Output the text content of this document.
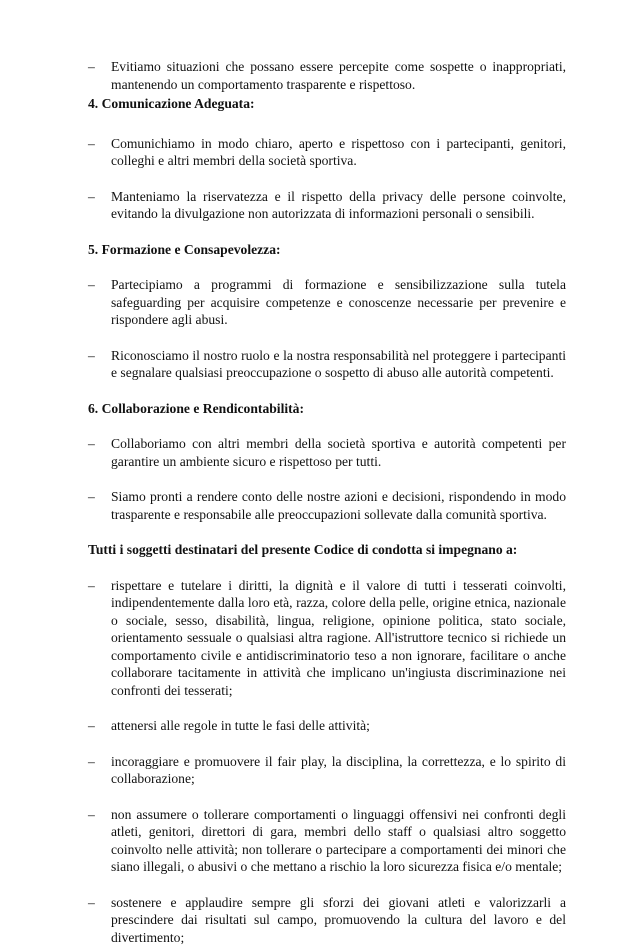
– Evitiamo situazioni che possano essere percepite come sospette o inappropriati, mantenendo un comportamento trasparente e rispettoso.
4. Comunicazione Adeguata:
– Comunichiamo in modo chiaro, aperto e rispettoso con i partecipanti, genitori, colleghi e altri membri della società sportiva.
– Manteniamo la riservatezza e il rispetto della privacy delle persone coinvolte, evitando la divulgazione non autorizzata di informazioni personali o sensibili.
5. Formazione e Consapevolezza:
– Partecipiamo a programmi di formazione e sensibilizzazione sulla tutela safeguarding per acquisire competenze e conoscenze necessarie per prevenire e rispondere agli abusi.
– Riconosciamo il nostro ruolo e la nostra responsabilità nel proteggere i partecipanti e segnalare qualsiasi preoccupazione o sospetto di abuso alle autorità competenti.
6. Collaborazione e Rendicontabilità:
– Collaboriamo con altri membri della società sportiva e autorità competenti per garantire un ambiente sicuro e rispettoso per tutti.
– Siamo pronti a rendere conto delle nostre azioni e decisioni, rispondendo in modo trasparente e responsabile alle preoccupazioni sollevate dalla comunità sportiva.
Tutti i soggetti destinatari del presente Codice di condotta si impegnano a:
– rispettare e tutelare i diritti, la dignità e il valore di tutti i tesserati coinvolti, indipendentemente dalla loro età, razza, colore della pelle, origine etnica, nazionale o sociale, sesso, disabilità, lingua, religione, opinione politica, stato sociale, orientamento sessuale o qualsiasi altra ragione. All'istruttore tecnico si richiede un comportamento civile e antidiscriminatorio teso a non ignorare, facilitare o anche collaborare tacitamente in attività che implicano un'ingiusta discriminazione nei confronti dei tesserati;
– attenersi alle regole in tutte le fasi delle attività;
– incoraggiare e promuovere il fair play, la disciplina, la correttezza, e lo spirito di collaborazione;
– non assumere o tollerare comportamenti o linguaggi offensivi nei confronti degli atleti, genitori, direttori di gara, membri dello staff o qualsiasi altro soggetto coinvolto nelle attività; non tollerare o partecipare a comportamenti dei minori che siano illegali, o abusivi o che mettano a rischio la loro sicurezza fisica e/o mentale;
– sostenere e applaudire sempre gli sforzi dei giovani atleti e valorizzarli a prescindere dai risultati sul campo, promuovendo la cultura del lavoro e del divertimento;
